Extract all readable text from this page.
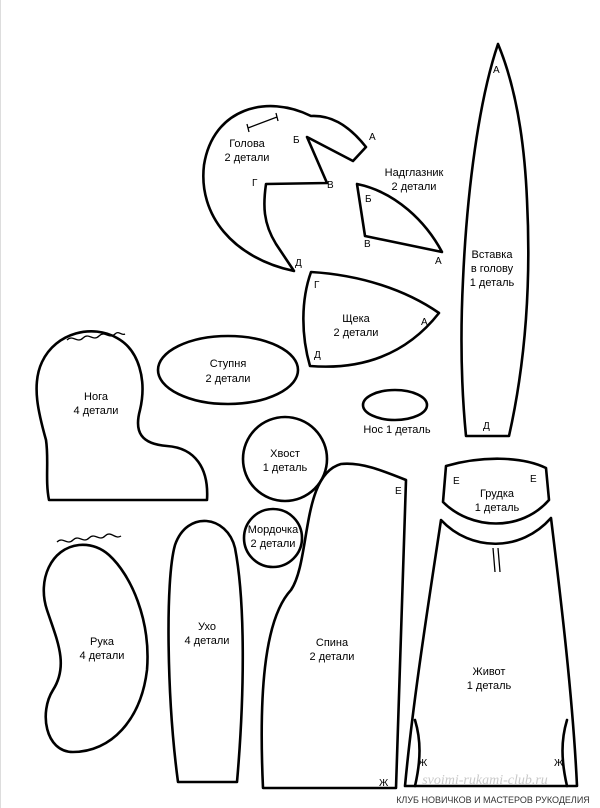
Голова
2 детали
Б	А
Г	В
Д
Надглазник
2 детали
Б
В
А
Вставка
в голову
1 деталь
А
Д
Щека
2 детали
Г
А
Д
Ступня
2 детали
Нога
4 детали
Нос 1 деталь
Хвост
1 деталь
Мордочка
2 детали
Грудка
1 деталь
Е	Е
Живот
1 деталь
Ж	Ж
Рука
4 детали
Ухо
4 детали	Спина
2 детали
Е
Ж svoimi-rukami-club.ru
КЛУБ НОВИЧКОВ И МАСТЕРОВ РУКОДЕЛИЯ
